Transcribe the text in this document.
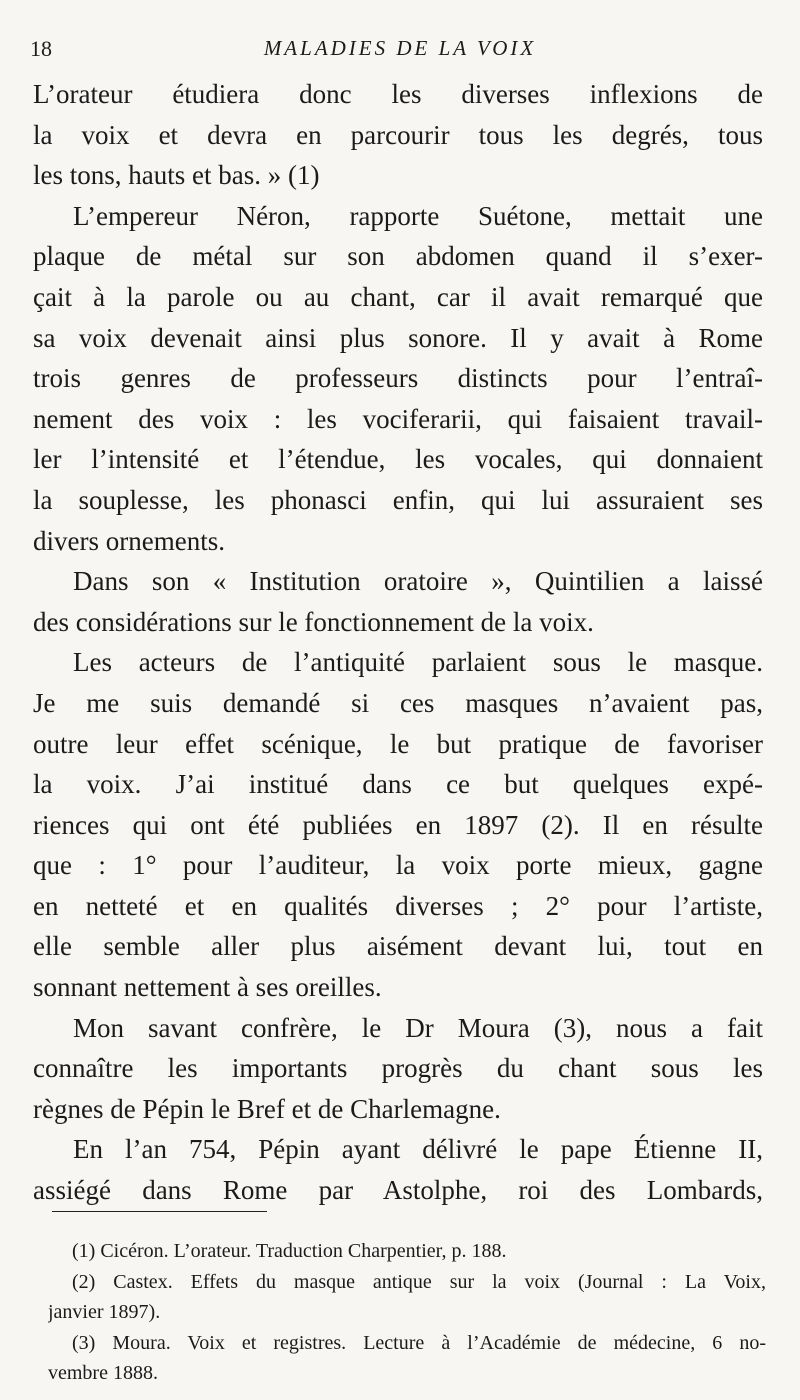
18	MALADIES DE LA VOIX
L’orateur étudiera donc les diverses inflexions de
la voix et devra en parcourir tous les degrés, tous
les tons, hauts et bas. » (1)
L’empereur Néron, rapporte Suétone, mettait une
plaque de métal sur son abdomen quand il s’exer-
çait à la parole ou au chant, car il avait remarqué que
sa voix devenait ainsi plus sonore. Il y avait à Rome
trois genres de professeurs distincts pour l’entraî-
nement des voix : les vociferarii, qui faisaient travail-
ler l’intensité et l’étendue, les vocales, qui donnaient
la souplesse, les phonasci enfin, qui lui assuraient ses
divers ornements.
Dans son « Institution oratoire », Quintilien a laissé
des considérations sur le fonctionnement de la voix.
Les acteurs de l’antiquité parlaient sous le masque.
Je me suis demandé si ces masques n’avaient pas,
outre leur effet scénique, le but pratique de favoriser
la voix. J’ai institué dans ce but quelques expé-
riences qui ont été publiées en 1897 (2). Il en résulte
que : 1° pour l’auditeur, la voix porte mieux, gagne
en netteté et en qualités diverses ; 2° pour l’artiste,
elle semble aller plus aisément devant lui, tout en
sonnant nettement à ses oreilles.
Mon savant confrère, le Dr Moura (3), nous a fait
connaître les importants progrès du chant sous les
règnes de Pépin le Bref et de Charlemagne.
En l’an 754, Pépin ayant délivré le pape Étienne II,
assiégé dans Rome par Astolphe, roi des Lombards,
(1) Cicéron. L’orateur. Traduction Charpentier, p. 188.
(2) Castex. Effets du masque antique sur la voix (Journal : La Voix,
janvier 1897).
(3) Moura. Voix et registres. Lecture à l’Académie de médecine, 6 no-
vembre 1888.
